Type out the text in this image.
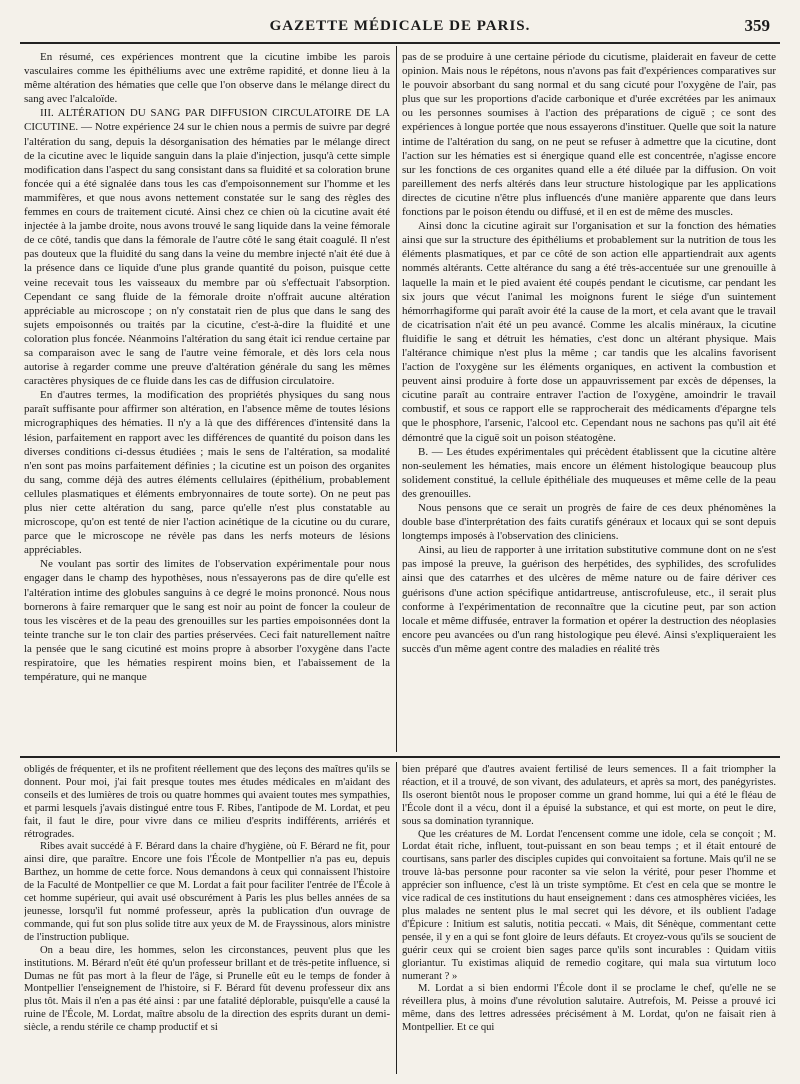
GAZETTE MÉDICALE DE PARIS.	359

En résumé, ces expériences montrent que la cicutine imbibe les parois vasculaires comme les épithéliums avec une extrême rapidité, et donne lieu à la même altération des hématies que celle que l'on observe dans le mélange direct du sang avec l'alcaloïde.

III. ALTÉRATION DU SANG PAR DIFFUSION CIRCULATOIRE DE LA CICUTINE. — Notre expérience 24 sur le chien nous a permis de suivre par degré l'altération du sang, depuis la désorganisation des hématies par le mélange direct de la cicutine avec le liquide sanguin dans la plaie d'injection, jusqu'à cette simple modification dans l'aspect du sang consistant dans sa fluidité et sa coloration brune foncée qui a été signalée dans tous les cas d'empoisonnement sur l'homme et les mammifères, et que nous avons nettement constatée sur le sang des règles des femmes en cours de traitement cicuté. Ainsi chez ce chien où la cicutine avait été injectée à la jambe droite, nous avons trouvé le sang liquide dans la veine fémorale de ce côté, tandis que dans la fémorale de l'autre côté le sang était coagulé. Il n'est pas douteux que la fluidité du sang dans la veine du membre injecté n'ait été due à la présence dans ce liquide d'une plus grande quantité du poison, puisque cette veine recevait tous les vaisseaux du membre par où s'effectuait l'absorption. Cependant ce sang fluide de la fémorale droite n'offrait aucune altération appréciable au microscope ; on n'y constatait rien de plus que dans le sang des sujets empoisonnés ou traités par la cicutine, c'est-à-dire la fluidité et une coloration plus foncée. Néanmoins l'altération du sang était ici rendue certaine par sa comparaison avec le sang de l'autre veine fémorale, et dès lors cela nous autorise à regarder comme une preuve d'altération générale du sang les mêmes caractères physiques de ce fluide dans les cas de diffusion circulatoire.

En d'autres termes, la modification des propriétés physiques du sang nous paraît suffisante pour affirmer son altération, en l'absence même de toutes lésions micrographiques des hématies. Il n'y a là que des différences d'intensité dans la lésion, parfaitement en rapport avec les différences de quantité du poison dans les diverses conditions ci-dessus étudiées ; mais le sens de l'altération, sa modalité n'en sont pas moins parfaitement définies ; la cicutine est un poison des organites du sang, comme déjà des autres éléments cellulaires (épithélium, probablement cellules plasmatiques et éléments embryonnaires de toute sorte). On ne peut pas plus nier cette altération du sang, parce qu'elle n'est plus constatable au microscope, qu'on est tenté de nier l'action acinétique de la cicutine ou du curare, parce que le microscope ne révèle pas dans les nerfs moteurs de lésions appréciables.

Ne voulant pas sortir des limites de l'observation expérimentale pour nous engager dans le champ des hypothèses, nous n'essayerons pas de dire qu'elle est l'altération intime des globules sanguins à ce degré le moins prononcé. Nous nous bornerons à faire remarquer que le sang est noir au point de foncer la couleur de tous les viscères et de la peau des grenouilles sur les parties empoisonnées dont la teinte tranche sur le ton clair des parties préservées. Ceci fait naturellement naître la pensée que le sang cicutiné est moins propre à absorber l'oxygène dans l'acte respiratoire, que les hématies respirent moins bien, et l'abaissement de la température, qui ne manque

pas de se produire à une certaine période du cicutisme, plaiderait en faveur de cette opinion. Mais nous le répétons, nous n'avons pas fait d'expériences comparatives sur le pouvoir absorbant du sang normal et du sang cicuté pour l'oxygène de l'air, pas plus que sur les proportions d'acide carbonique et d'urée excrétées par les animaux ou les personnes soumises à l'action des préparations de ciguë ; ce sont des expériences à longue portée que nous essayerons d'instituer. Quelle que soit la nature intime de l'altération du sang, on ne peut se refuser à admettre que la cicutine, dont l'action sur les hématies est si énergique quand elle est concentrée, n'agisse encore sur les fonctions de ces organites quand elle a été diluée par la diffusion. On voit pareillement des nerfs altérés dans leur structure histologique par les applications directes de cicutine n'être plus influencés d'une manière apparente que dans leurs fonctions par le poison étendu ou diffusé, et il en est de même des muscles.

Ainsi donc la cicutine agirait sur l'organisation et sur la fonction des hématies ainsi que sur la structure des épithéliums et probablement sur la nutrition de tous les éléments plasmatiques, et par ce côté de son action elle appartiendrait aux agents nommés altérants. Cette altérance du sang a été très-accentuée sur une grenouille à laquelle la main et le pied avaient été coupés pendant le cicutisme, car pendant les six jours que vécut l'animal les moignons furent le siége d'un suintement hémorrhagiforme qui paraît avoir été la cause de la mort, et cela avant que le travail de cicatrisation n'ait été un peu avancé. Comme les alcalis minéraux, la cicutine fluidifie le sang et détruit les hématies, c'est donc un altérant physique. Mais l'altérance chimique n'est plus la même ; car tandis que les alcalins favorisent l'action de l'oxygène sur les éléments organiques, en activent la combustion et peuvent ainsi produire à forte dose un appauvrissement par excès de dépenses, la cicutine paraît au contraire entraver l'action de l'oxygène, amoindrir le travail combustif, et sous ce rapport elle se rapprocherait des médicaments d'épargne tels que le phosphore, l'arsenic, l'alcool etc. Cependant nous ne sachons pas qu'il ait été démontré que la ciguë soit un poison stéatogène.

B. — Les études expérimentales qui précèdent établissent que la cicutine altère non-seulement les hématies, mais encore un élément histologique beaucoup plus solidement constitué, la cellule épithéliale des muqueuses et même celle de la peau des grenouilles.

Nous pensons que ce serait un progrès de faire de ces deux phénomènes la double base d'interprétation des faits curatifs généraux et locaux qui se sont depuis longtemps imposés à l'observation des cliniciens.

Ainsi, au lieu de rapporter à une irritation substitutive commune dont on ne s'est pas imposé la preuve, la guérison des herpétides, des syphilides, des scrofulides ainsi que des catarrhes et des ulcères de même nature ou de faire dériver ces guérisons d'une action spécifique antidartreuse, antiscrofuleuse, etc., il serait plus conforme à l'expérimentation de reconnaître que la cicutine peut, par son action locale et même diffusée, entraver la formation et opérer la destruction des néoplasies encore peu avancées ou d'un rang histologique peu élevé. Ainsi s'expliqueraient les succès d'un même agent contre des maladies en réalité très

obligés de fréquenter, et ils ne profitent réellement que des leçons des maîtres qu'ils se donnent. Pour moi, j'ai fait presque toutes mes études médicales en m'aidant des conseils et des lumières de trois ou quatre hommes qui avaient toutes mes sympathies, et parmi lesquels j'avais distingué entre tous F. Ribes, l'antipode de M. Lordat, et peu fait, il faut le dire, pour vivre dans ce milieu d'esprits indifférents, arriérés et rétrogrades.

Ribes avait succédé à F. Bérard dans la chaire d'hygiène, où F. Bérard ne fit, pour ainsi dire, que paraître. Encore une fois l'École de Montpellier n'a pas eu, depuis Barthez, un homme de cette force. Nous demandons à ceux qui connaissent l'histoire de la Faculté de Montpellier ce que M. Lordat a fait pour faciliter l'entrée de l'École à cet homme supérieur, qui avait usé obscurément à Paris les plus belles années de sa jeunesse, lorsqu'il fut nommé professeur, après la publication d'un ouvrage de commande, qui fut son plus solide titre aux yeux de M. de Frayssinous, alors ministre de l'instruction publique.

On a beau dire, les hommes, selon les circonstances, peuvent plus que les institutions. M. Bérard n'eût été qu'un professeur brillant et de très-petite influence, si Dumas ne fût pas mort à la fleur de l'âge, si Prunelle eût eu le temps de fonder à Montpellier l'enseignement de l'histoire, si F. Bérard fût devenu professeur dix ans plus tôt. Mais il n'en a pas été ainsi : par une fatalité déplorable, puisqu'elle a causé la ruine de l'École, M. Lordat, maître absolu de la direction des esprits durant un demi-siècle, a rendu stérile ce champ productif et si

bien préparé que d'autres avaient fertilisé de leurs semences. Il a fait triompher la réaction, et il a trouvé, de son vivant, des adulateurs, et après sa mort, des panégyristes. Ils oseront bientôt nous le proposer comme un grand homme, lui qui a été le fléau de l'École dont il a vécu, dont il a épuisé la substance, et qui est morte, on peut le dire, sous sa domination tyrannique.

Que les créatures de M. Lordat l'encensent comme une idole, cela se conçoit ; M. Lordat était riche, influent, tout-puissant en son beau temps ; et il était entouré de courtisans, sans parler des disciples cupides qui convoitaient sa fortune. Mais qu'il ne se trouve là-bas personne pour raconter sa vie selon la vérité, pour peser l'homme et apprécier son influence, c'est là un triste symptôme. Et c'est en cela que se montre le vice radical de ces institutions du haut enseignement : dans ces atmosphères viciées, les plus malades ne sentent plus le mal secret qui les dévore, et ils oublient l'adage d'Épicure : Initium est salutis, notitia peccati. « Mais, dit Sénèque, commentant cette pensée, il y en a qui se font gloire de leurs défauts. Et croyez-vous qu'ils se soucient de guérir ceux qui se croient bien sages parce qu'ils sont incurables : Quidam vitiis gloriantur. Tu existimas aliquid de remedio cogitare, qui mala sua virtutum loco numerant ? »

M. Lordat a si bien endormi l'École dont il se proclame le chef, qu'elle ne se réveillera plus, à moins d'une révolution salutaire. Autrefois, M. Peisse a prouvé ici même, dans des lettres adressées précisément à M. Lordat, qu'on ne faisait rien à Montpellier. Et ce qui
